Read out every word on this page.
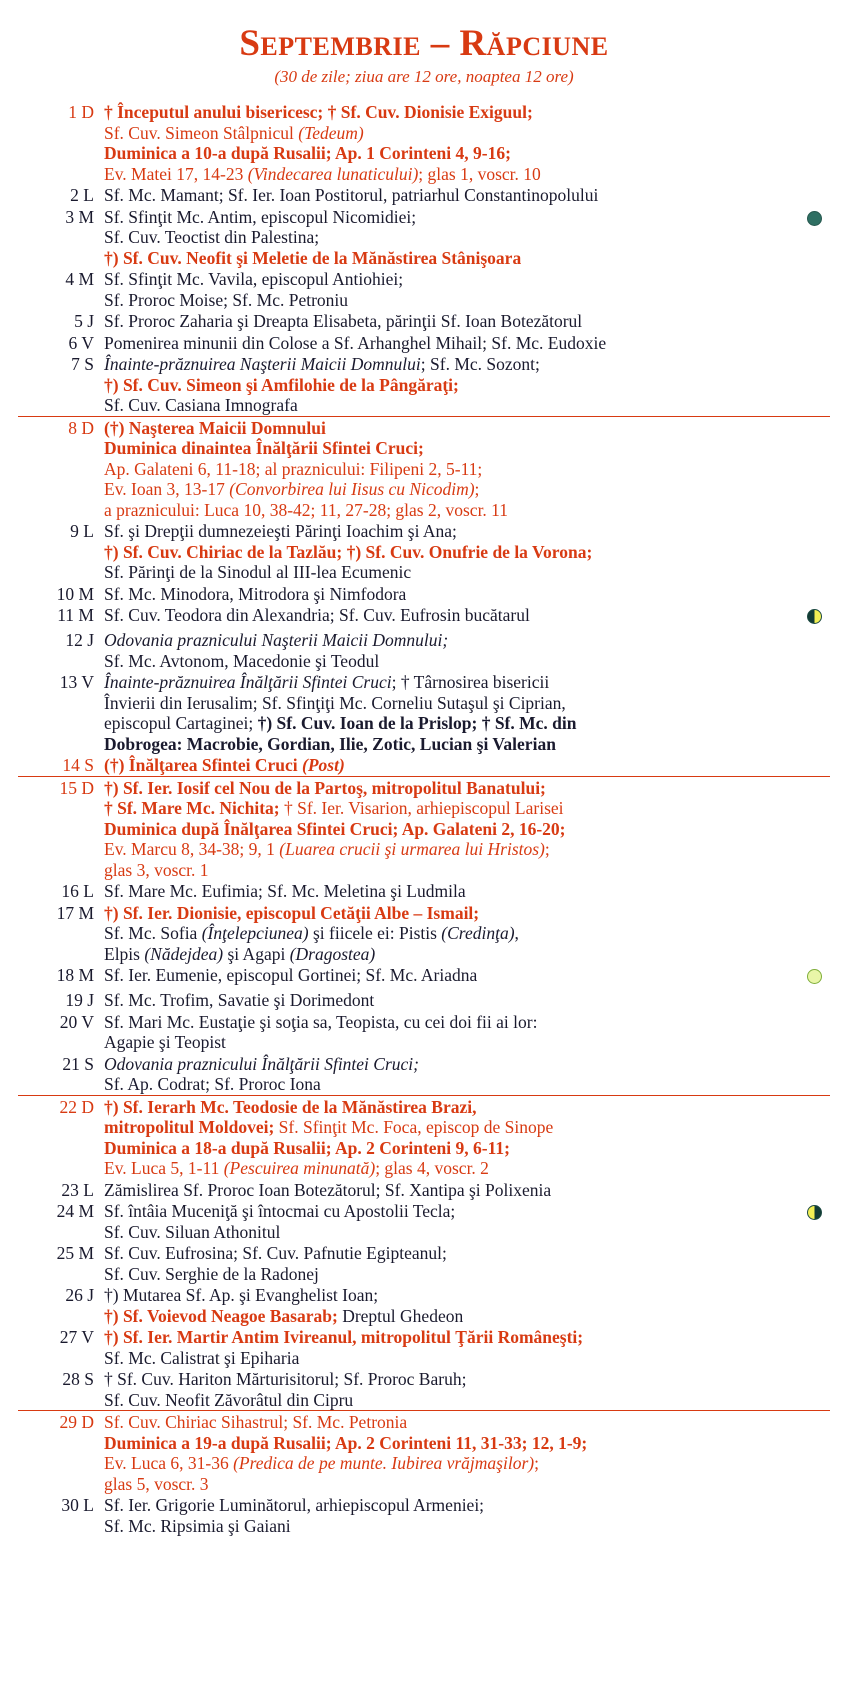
Septembrie – Răpciune
(30 de zile; ziua are 12 ore, noaptea 12 ore)
1 D	† Începutul anului bisericesc; † Sf. Cuv. Dionisie Exiguul;
Sf. Cuv. Simeon Stâlpnicul (Tedeum)
Duminica a 10-a după Rusalii; Ap. 1 Corinteni 4, 9-16;
Ev. Matei 17, 14-23 (Vindecarea lunaticului); glas 1, voscr. 10	

2 L	Sf. Mc. Mamant; Sf. Ier. Ioan Postitorul, patriarhul Constantinopolului	

3 M	Sf. Sfinţit Mc. Antim, episcopul Nicomidiei;
Sf. Cuv. Teoctist din Palestina;
†) Sf. Cuv. Neofit şi Meletie de la Mănăstirea Stânişoara	

4 M	Sf. Sfinţit Mc. Vavila, episcopul Antiohiei;
Sf. Proroc Moise; Sf. Mc. Petroniu	

5 J	Sf. Proroc Zaharia şi Dreapta Elisabeta, părinţii Sf. Ioan Botezătorul	

6 V	Pomenirea minunii din Colose a Sf. Arhanghel Mihail; Sf. Mc. Eudoxie	

7 S	Înainte-prăznuirea Naşterii Maicii Domnului; Sf. Mc. Sozont;
†) Sf. Cuv. Simeon şi Amfilohie de la Pângăraţi;
Sf. Cuv. Casiana Imnografa	

8 D	(†) Naşterea Maicii Domnului
Duminica dinaintea Înălţării Sfintei Cruci;
Ap. Galateni 6, 11-18; al praznicului: Filipeni 2, 5-11;
Ev. Ioan 3, 13-17 (Convorbirea lui Iisus cu Nicodim);
a praznicului: Luca 10, 38-42; 11, 27-28; glas 2, voscr. 11	

9 L	Sf. şi Drepţii dumnezeieşti Părinţi Ioachim şi Ana;
†) Sf. Cuv. Chiriac de la Tazlău; †) Sf. Cuv. Onufrie de la Vorona;
Sf. Părinţi de la Sinodul al III-lea Ecumenic	

10 M	Sf. Mc. Minodora, Mitrodora şi Nimfodora	

11 M	Sf. Cuv. Teodora din Alexandria; Sf. Cuv. Eufrosin bucătarul	

12 J	Odovania praznicului Naşterii Maicii Domnului;
Sf. Mc. Avtonom, Macedonie şi Teodul	

13 V	Înainte-prăznuirea Înălţării Sfintei Cruci; † Târnosirea bisericii
Învierii din Ierusalim; Sf. Sfinţiţi Mc. Corneliu Sutaşul şi Ciprian,
episcopul Cartaginei; †) Sf. Cuv. Ioan de la Prislop; † Sf. Mc. din
Dobrogea: Macrobie, Gordian, Ilie, Zotic, Lucian şi Valerian	

14 S	(†) Înălţarea Sfintei Cruci (Post)	

15 D	†) Sf. Ier. Iosif cel Nou de la Partoş, mitropolitul Banatului;
† Sf. Mare Mc. Nichita; † Sf. Ier. Visarion, arhiepiscopul Larisei
Duminica după Înălţarea Sfintei Cruci; Ap. Galateni 2, 16-20;
Ev. Marcu 8, 34-38; 9, 1 (Luarea crucii şi urmarea lui Hristos);
glas 3, voscr. 1	

16 L	Sf. Mare Mc. Eufimia; Sf. Mc. Meletina şi Ludmila	

17 M	†) Sf. Ier. Dionisie, episcopul Cetăţii Albe – Ismail;
Sf. Mc. Sofia (Înţelepciunea) şi fiicele ei: Pistis (Credinţa),
Elpis (Nădejdea) şi Agapi (Dragostea)	

18 M	Sf. Ier. Eumenie, episcopul Gortinei; Sf. Mc. Ariadna	

19 J	Sf. Mc. Trofim, Savatie şi Dorimedont	

20 V	Sf. Mari Mc. Eustaţie şi soţia sa, Teopista, cu cei doi fii ai lor:
Agapie şi Teopist	

21 S	Odovania praznicului Înălţării Sfintei Cruci;
Sf. Ap. Codrat; Sf. Proroc Iona	

22 D	†) Sf. Ierarh Mc. Teodosie de la Mănăstirea Brazi,
mitropolitul Moldovei; Sf. Sfinţit Mc. Foca, episcop de Sinope
Duminica a 18-a după Rusalii; Ap. 2 Corinteni 9, 6-11;
Ev. Luca 5, 1-11 (Pescuirea minunată); glas 4, voscr. 2	

23 L	Zămislirea Sf. Proroc Ioan Botezătorul; Sf. Xantipa şi Polixenia	

24 M	Sf. întâia Muceniţă şi întocmai cu Apostolii Tecla;
Sf. Cuv. Siluan Athonitul	

25 M	Sf. Cuv. Eufrosina; Sf. Cuv. Pafnutie Egipteanul;
Sf. Cuv. Serghie de la Radonej	

26 J	†) Mutarea Sf. Ap. şi Evanghelist Ioan;
†) Sf. Voievod Neagoe Basarab; Dreptul Ghedeon	

27 V	†) Sf. Ier. Martir Antim Ivireanul, mitropolitul Ţării Româneşti;
Sf. Mc. Calistrat şi Epiharia	

28 S	† Sf. Cuv. Hariton Mărturisitorul; Sf. Proroc Baruh;
Sf. Cuv. Neofit Zăvorâtul din Cipru	

29 D	Sf. Cuv. Chiriac Sihastrul; Sf. Mc. Petronia
Duminica a 19-a după Rusalii; Ap. 2 Corinteni 11, 31-33; 12, 1-9;
Ev. Luca 6, 31-36 (Predica de pe munte. Iubirea vrăjmaşilor);
glas 5, voscr. 3	

30 L	Sf. Ier. Grigorie Luminătorul, arhiepiscopul Armeniei;
Sf. Mc. Ripsimia şi Gaiani	
